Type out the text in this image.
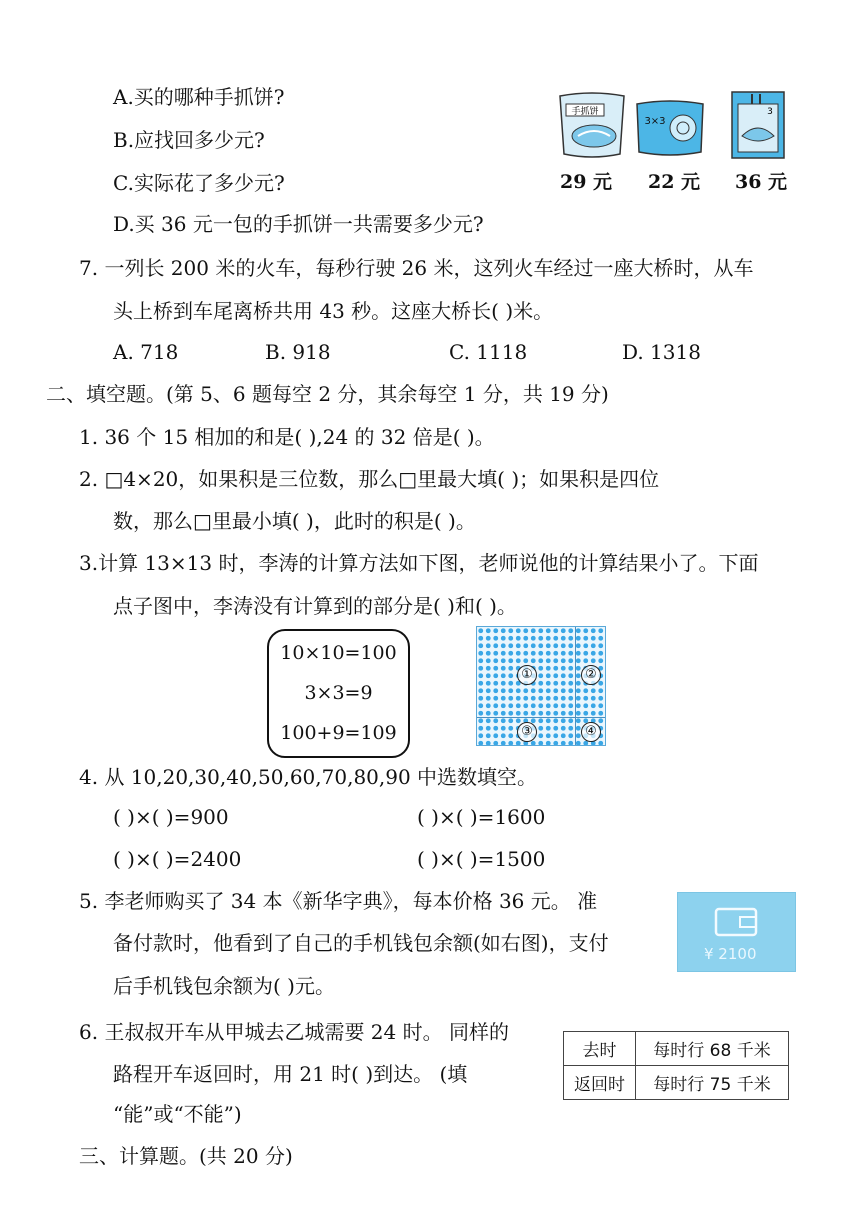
A.买的哪种手抓饼?
B.应找回多少元?
C.实际花了多少元?
D.买 36 元一包的手抓饼一共需要多少元?
手抓饼
29 元
3×3
22 元
3
36 元
7. 一列长 200 米的火车，每秒行驶 26 米，这列火车经过一座大桥时，从车
头上桥到车尾离桥共用 43 秒。这座大桥长( )米。
A. 718	B. 918	C. 1118	D. 1318
二、填空题。(第 5、6 题每空 2 分，其余每空 1 分，共 19 分)
1. 36 个 15 相加的和是( ),24 的 32 倍是( )。
2. □4×20，如果积是三位数，那么□里最大填( )；如果积是四位
数，那么□里最小填( )，此时的积是( )。
3.计算 13×13 时，李涛的计算方法如下图，老师说他的计算结果小了。下面
点子图中，李涛没有计算到的部分是( )和( )。
10×10=100
3×3=9
100+9=109
①	②
③	④
4. 从 10,20,30,40,50,60,70,80,90 中选数填空。
( )×( )=900	( )×( )=1600
( )×( )=2400	( )×( )=1500
5. 李老师购买了 34 本《新华字典》，每本价格 36 元。 准
备付款时，他看到了自己的手机钱包余额(如右图)，支付
后手机钱包余额为( )元。
¥ 2100
6. 王叔叔开车从甲城去乙城需要 24 时。 同样的
路程开车返回时，用 21 时( )到达。 (填
“能”或“不能”)
去时	每时行 68 千米
返回时	每时行 75 千米
三、计算题。(共 20 分)
